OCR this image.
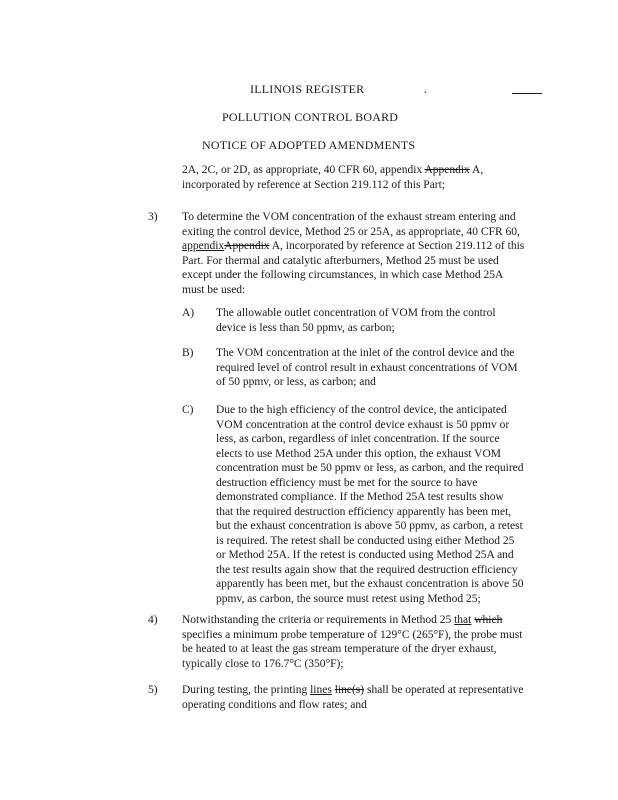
ILLINOIS REGISTER	.
POLLUTION CONTROL BOARD
NOTICE OF ADOPTED AMENDMENTS
2A, 2C, or 2D, as appropriate, 40 CFR 60, appendix Appendix A,
incorporated by reference at Section 219.112 of this Part;
3) To determine the VOM concentration of the exhaust stream entering and
exiting the control device, Method 25 or 25A, as appropriate, 40 CFR 60,
appendixAppendix A, incorporated by reference at Section 219.112 of this
Part. For thermal and catalytic afterburners, Method 25 must be used
except under the following circumstances, in which case Method 25A
must be used:
A) The allowable outlet concentration of VOM from the control
device is less than 50 ppmv, as carbon;
B) The VOM concentration at the inlet of the control device and the
required level of control result in exhaust concentrations of VOM
of 50 ppmv, or less, as carbon; and
C) Due to the high efficiency of the control device, the anticipated
VOM concentration at the control device exhaust is 50 ppmv or
less, as carbon, regardless of inlet concentration. If the source
elects to use Method 25A under this option, the exhaust VOM
concentration must be 50 ppmv or less, as carbon, and the required
destruction efficiency must be met for the source to have
demonstrated compliance. If the Method 25A test results show
that the required destruction efficiency apparently has been met,
but the exhaust concentration is above 50 ppmv, as carbon, a retest
is required. The retest shall be conducted using either Method 25
or Method 25A. If the retest is conducted using Method 25A and
the test results again show that the required destruction efficiency
apparently has been met, but the exhaust concentration is above 50
ppmv, as carbon, the source must retest using Method 25;
4) Notwithstanding the criteria or requirements in Method 25 that which
specifies a minimum probe temperature of 129°C (265°F), the probe must
be heated to at least the gas stream temperature of the dryer exhaust,
typically close to 176.7°C (350°F);
5) During testing, the printing lines line(s) shall be operated at representative
operating conditions and flow rates; and
